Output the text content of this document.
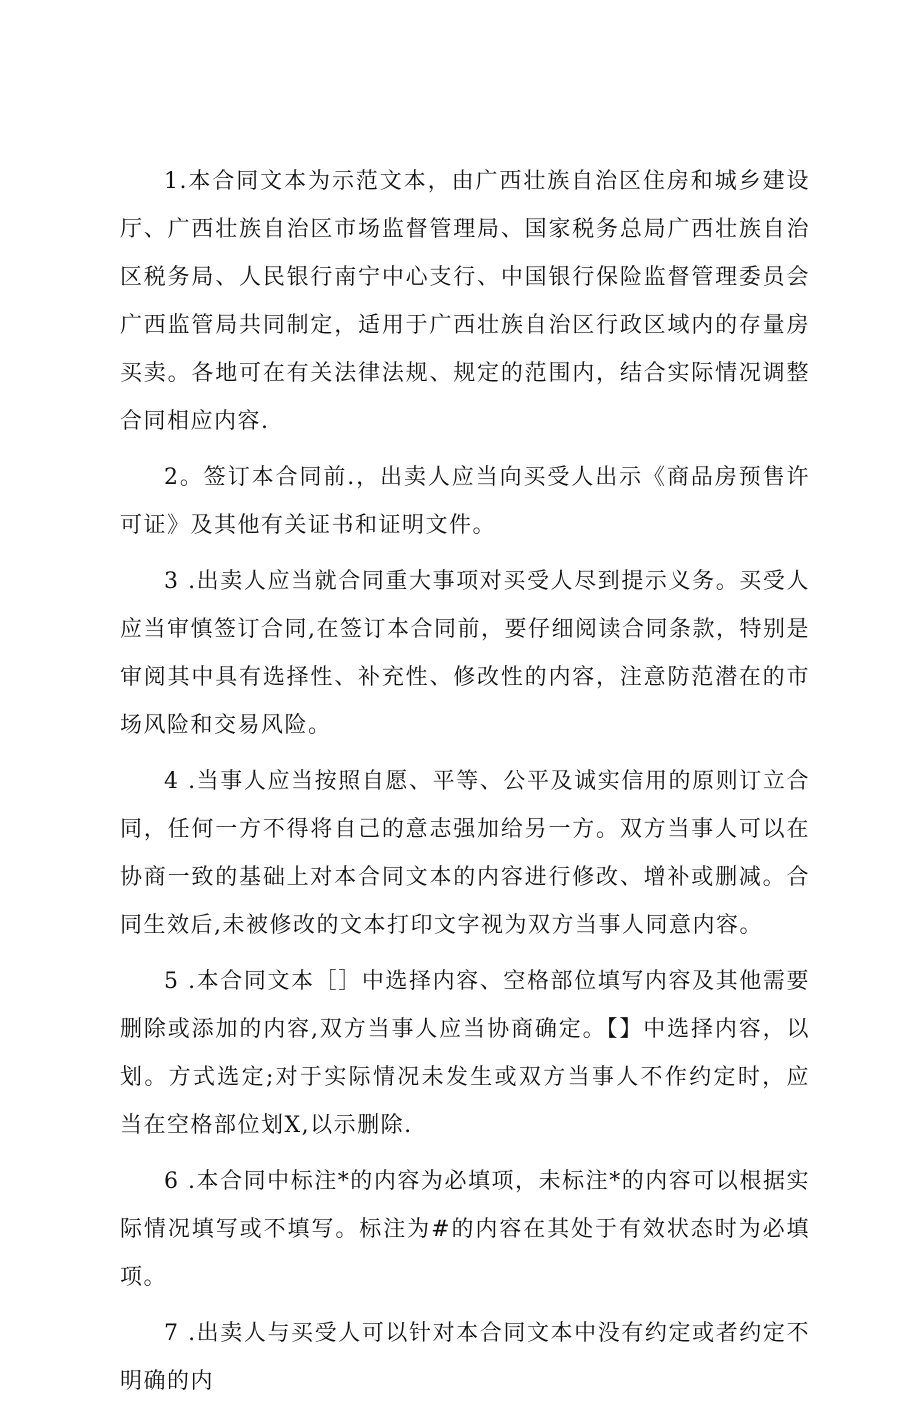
1.本合同文本为示范文本，由广西壮族自治区住房和城乡建设厅、广西壮族自治区市场监督管理局、国家税务总局广西壮族自治区税务局、人民银行南宁中心支行、中国银行保险监督管理委员会广西监管局共同制定，适用于广西壮族自治区行政区域内的存量房买卖。各地可在有关法律法规、规定的范围内，结合实际情况调整合同相应内容.

2。签订本合同前.，出卖人应当向买受人出示《商品房预售许可证》及其他有关证书和证明文件。

3 .出卖人应当就合同重大事项对买受人尽到提示义务。买受人应当审慎签订合同,在签订本合同前，要仔细阅读合同条款，特别是审阅其中具有选择性、补充性、修改性的内容，注意防范潜在的市场风险和交易风险。

4 .当事人应当按照自愿、平等、公平及诚实信用的原则订立合同，任何一方不得将自己的意志强加给另一方。双方当事人可以在协商一致的基础上对本合同文本的内容进行修改、增补或删减。合同生效后,未被修改的文本打印文字视为双方当事人同意内容。

5 .本合同文本［］中选择内容、空格部位填写内容及其他需要删除或添加的内容,双方当事人应当协商确定。【】中选择内容，以划。方式选定;对于实际情况未发生或双方当事人不作约定时，应当在空格部位划X,以示删除.

6 .本合同中标注*的内容为必填项，未标注*的内容可以根据实际情况填写或不填写。标注为#的内容在其处于有效状态时为必填项。

7 .出卖人与买受人可以针对本合同文本中没有约定或者约定不明确的内
